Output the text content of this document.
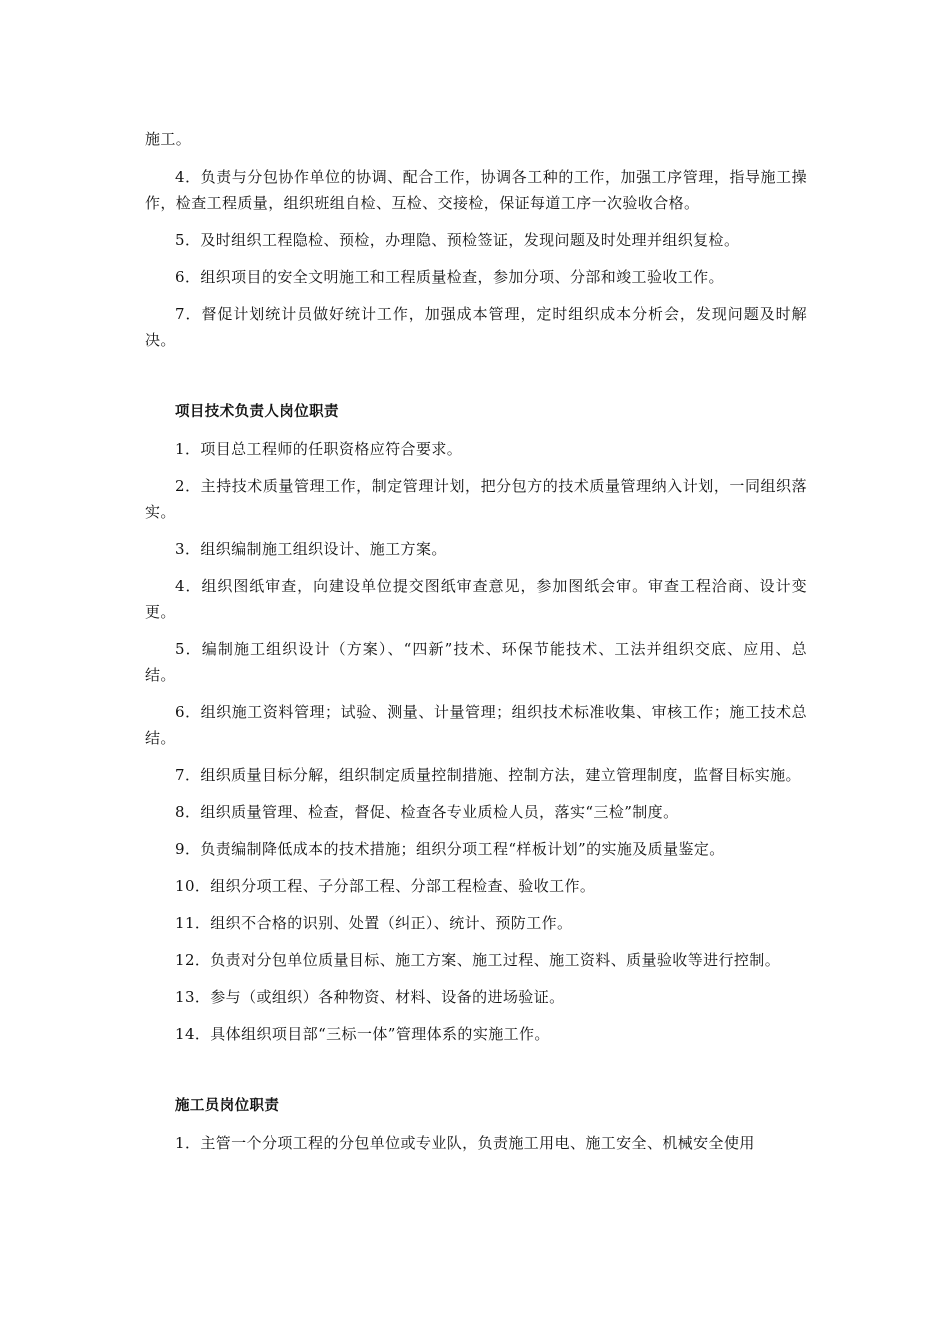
施工。

4．负责与分包协作单位的协调、配合工作，协调各工种的工作，加强工序管理，指导施工操作，检查工程质量，组织班组自检、互检、交接检，保证每道工序一次验收合格。

5．及时组织工程隐检、预检，办理隐、预检签证，发现问题及时处理并组织复检。

6．组织项目的安全文明施工和工程质量检查，参加分项、分部和竣工验收工作。

7．督促计划统计员做好统计工作，加强成本管理，定时组织成本分析会，发现问题及时解决。

项目技术负责人岗位职责

1．项目总工程师的任职资格应符合要求。

2．主持技术质量管理工作，制定管理计划，把分包方的技术质量管理纳入计划，一同组织落实。

3．组织编制施工组织设计、施工方案。

4．组织图纸审查，向建设单位提交图纸审查意见，参加图纸会审。审查工程洽商、设计变更。

5．编制施工组织设计（方案）、“四新”技术、环保节能技术、工法并组织交底、应用、总结。

6．组织施工资料管理；试验、测量、计量管理；组织技术标准收集、审核工作；施工技术总结。

7．组织质量目标分解，组织制定质量控制措施、控制方法，建立管理制度，监督目标实施。

8．组织质量管理、检查，督促、检查各专业质检人员，落实“三检”制度。

9．负责编制降低成本的技术措施；组织分项工程“样板计划”的实施及质量鉴定。

10．组织分项工程、子分部工程、分部工程检查、验收工作。

11．组织不合格的识别、处置（纠正）、统计、预防工作。

12．负责对分包单位质量目标、施工方案、施工过程、施工资料、质量验收等进行控制。

13．参与（或组织）各种物资、材料、设备的进场验证。

14．具体组织项目部“三标一体”管理体系的实施工作。

施工员岗位职责

1．主管一个分项工程的分包单位或专业队，负责施工用电、施工安全、机械安全使用
